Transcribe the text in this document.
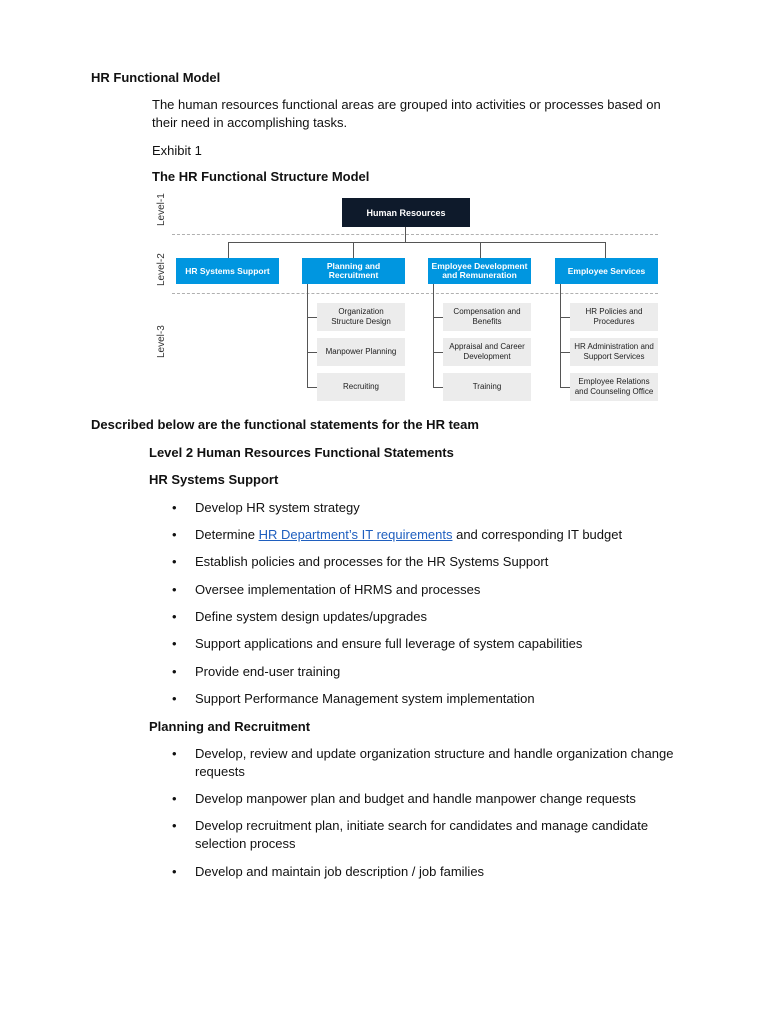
HR Functional Model
The human resources functional areas are grouped into activities or processes based on
their need in accomplishing tasks.
Exhibit 1
The HR Functional Structure Model
Level-1
Level-2
Level-3
Human Resources
HR Systems Support	Planning and Recruitment
Employee Development and Remuneration	Employee Services
Organization Structure Design
Manpower Planning
Recruiting
Compensation and Benefits
Appraisal and Career Development
Training
HR Policies and Procedures
HR Administration and Support Services
Employee Relations and Counseling Office
Described below are the functional statements for the HR team
Level 2 Human Resources Functional Statements
HR Systems Support
• Develop HR system strategy
• Determine HR Department’s IT requirements and corresponding IT budget
• Establish policies and processes for the HR Systems Support
• Oversee implementation of HRMS and processes
• Define system design updates/upgrades
• Support applications and ensure full leverage of system capabilities
• Provide end-user training
• Support Performance Management system implementation
Planning and Recruitment
• Develop, review and update organization structure and handle organization change requests
• Develop manpower plan and budget and handle manpower change requests
• Develop recruitment plan, initiate search for candidates and manage candidate selection process
• Develop and maintain job description / job families
